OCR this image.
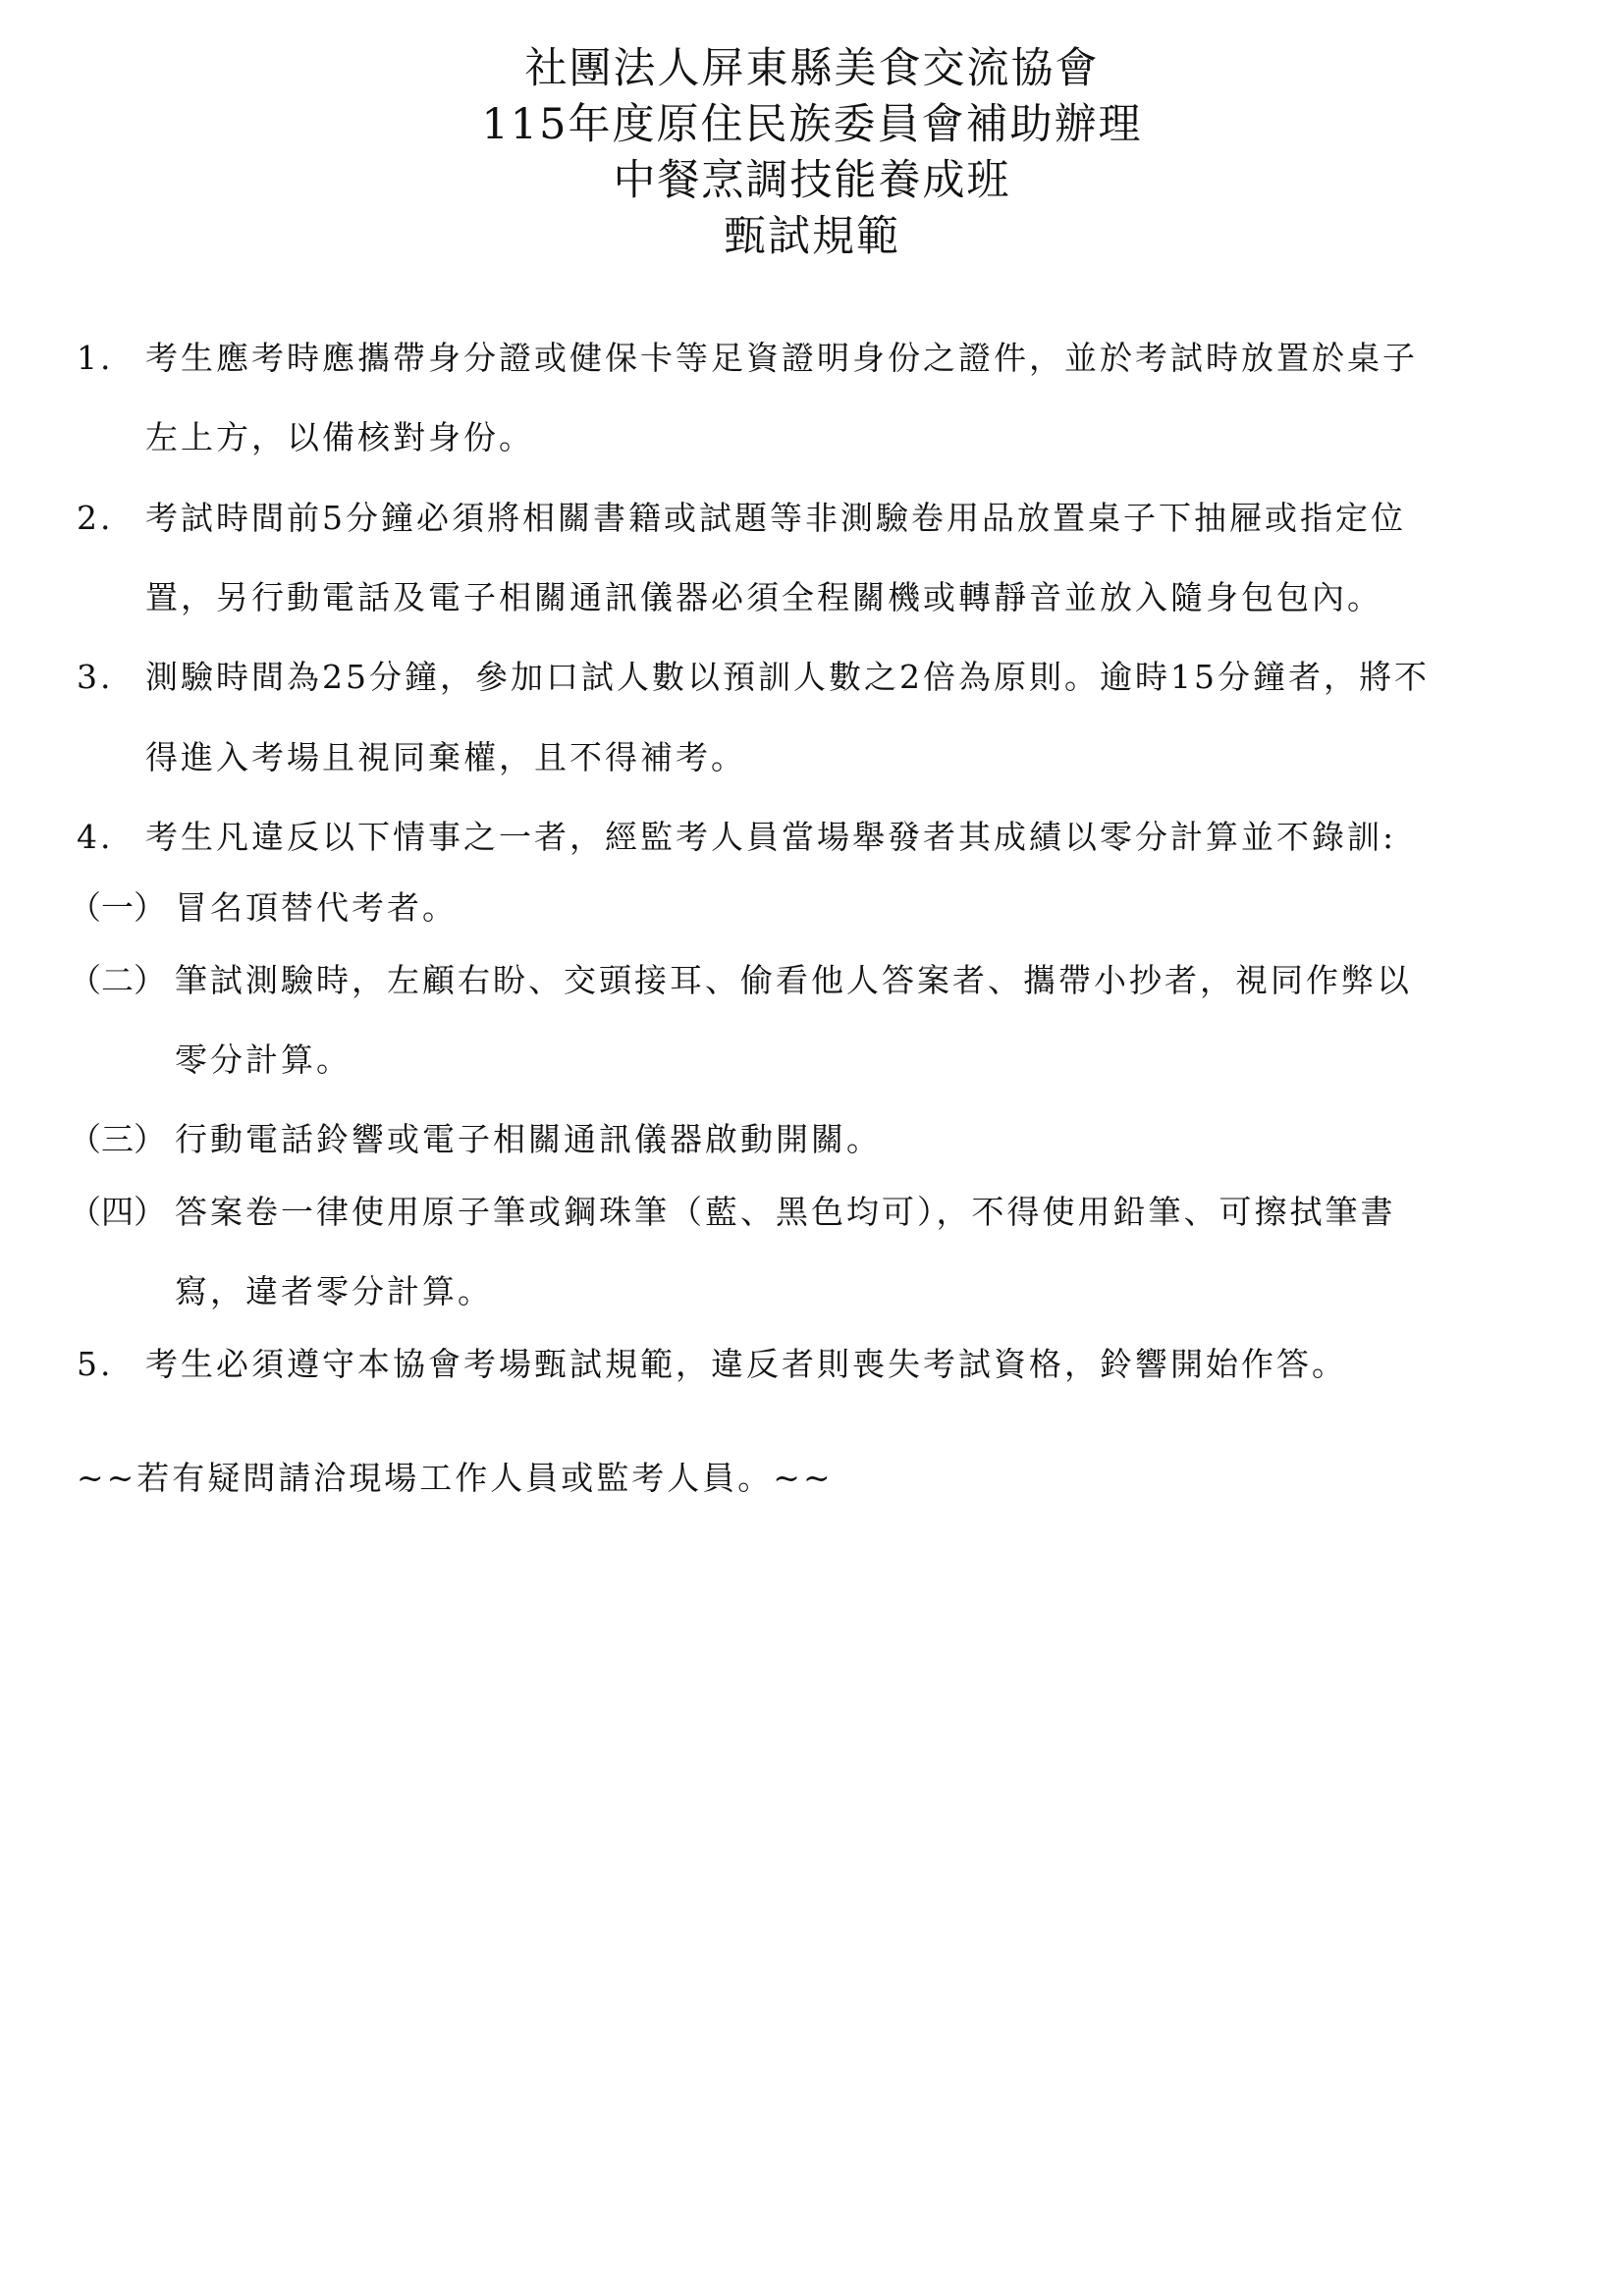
社團法人屏東縣美食交流協會
115年度原住民族委員會補助辦理
中餐烹調技能養成班
甄試規範
1. 考生應考時應攜帶身分證或健保卡等足資證明身份之證件，並於考試時放置於桌子
左上方，以備核對身份。
2. 考試時間前5分鐘必須將相關書籍或試題等非測驗卷用品放置桌子下抽屜或指定位
置，另行動電話及電子相關通訊儀器必須全程關機或轉靜音並放入隨身包包內。
3. 測驗時間為25分鐘，參加口試人數以預訓人數之2倍為原則。逾時15分鐘者，將不
得進入考場且視同棄權，且不得補考。
4. 考生凡違反以下情事之一者，經監考人員當場舉發者其成績以零分計算並不錄訓:
（一） 冒名頂替代考者。
（二） 筆試測驗時，左顧右盼、交頭接耳、偷看他人答案者、攜帶小抄者，視同作弊以
零分計算。
（三） 行動電話鈴響或電子相關通訊儀器啟動開關。
（四） 答案卷一律使用原子筆或鋼珠筆（藍、黑色均可），不得使用鉛筆、可擦拭筆書
寫，違者零分計算。
5. 考生必須遵守本協會考場甄試規範，違反者則喪失考試資格，鈴響開始作答。
~~若有疑問請洽現場工作人員或監考人員。~~
